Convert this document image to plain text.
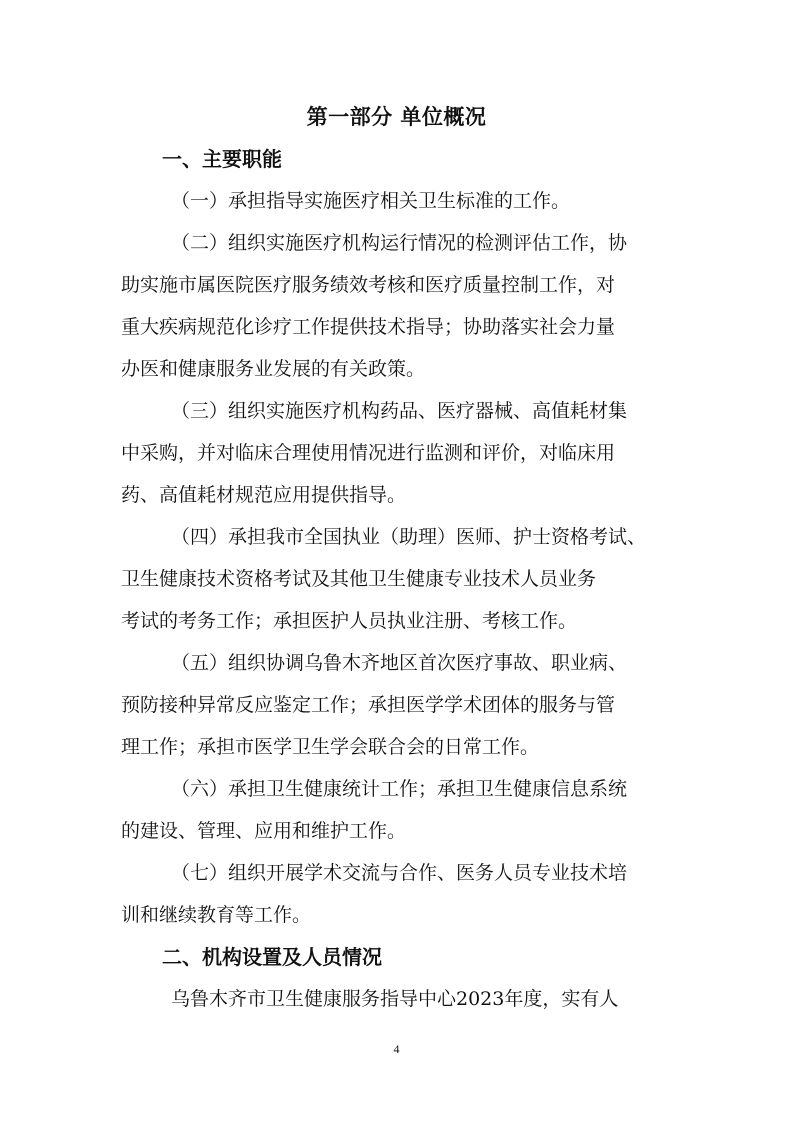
第一部分 单位概况
一、主要职能
（一）承担指导实施医疗相关卫生标准的工作。
（二）组织实施医疗机构运行情况的检测评估工作，协
助实施市属医院医疗服务绩效考核和医疗质量控制工作，对
重大疾病规范化诊疗工作提供技术指导；协助落实社会力量
办医和健康服务业发展的有关政策。
（三）组织实施医疗机构药品、医疗器械、高值耗材集
中采购，并对临床合理使用情况进行监测和评价，对临床用
药、高值耗材规范应用提供指导。
（四）承担我市全国执业（助理）医师、护士资格考试、
卫生健康技术资格考试及其他卫生健康专业技术人员业务
考试的考务工作；承担医护人员执业注册、考核工作。
（五）组织协调乌鲁木齐地区首次医疗事故、职业病、
预防接种异常反应鉴定工作；承担医学学术团体的服务与管
理工作；承担市医学卫生学会联合会的日常工作。
（六）承担卫生健康统计工作；承担卫生健康信息系统
的建设、管理、应用和维护工作。
（七）组织开展学术交流与合作、医务人员专业技术培
训和继续教育等工作。
二、机构设置及人员情况
乌鲁木齐市卫生健康服务指导中心2023年度，实有人
4
